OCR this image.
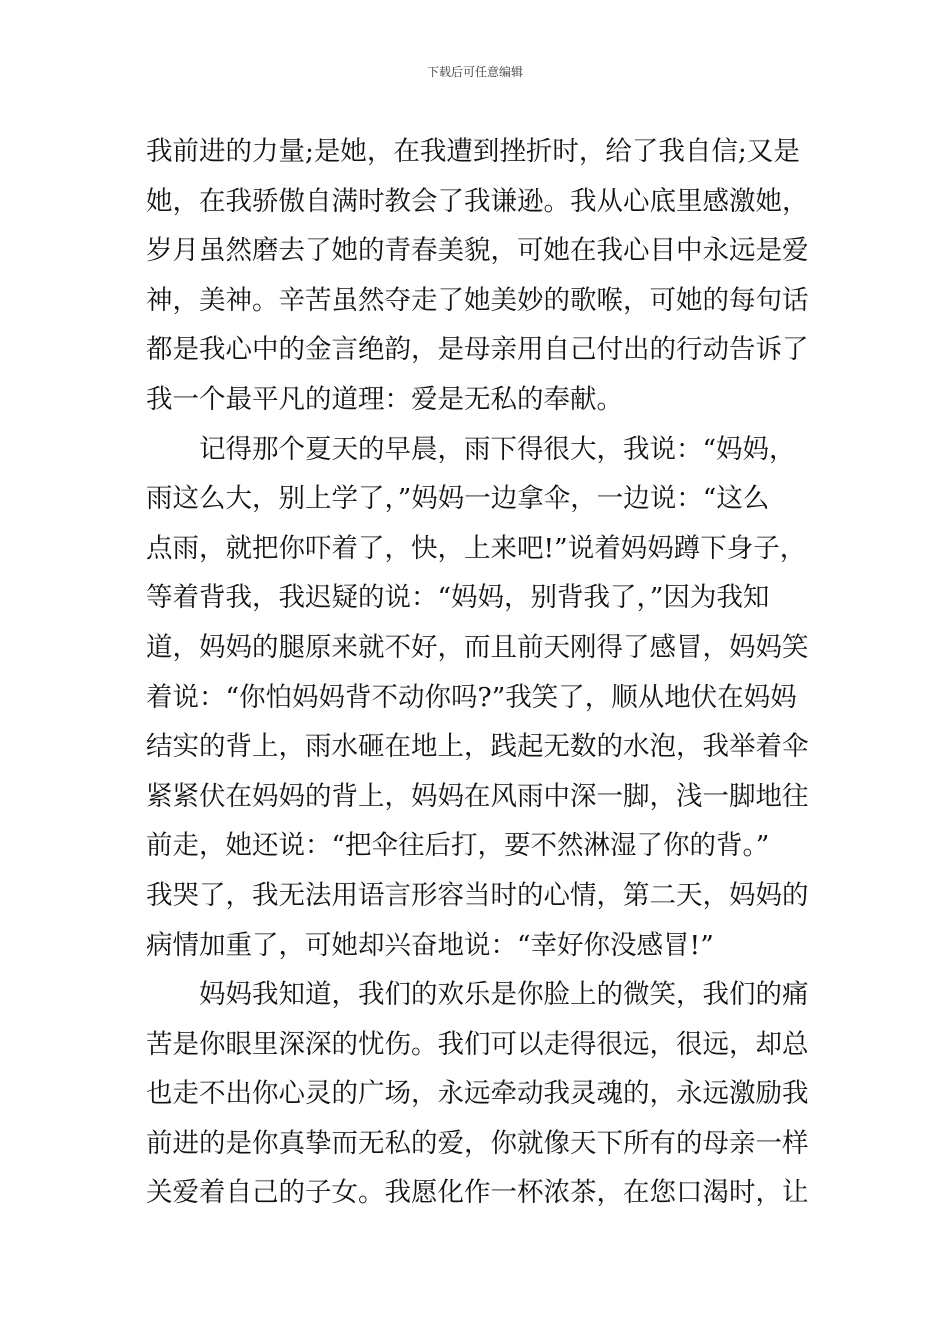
下载后可任意编辑
我前进的力量;是她，在我遭到挫折时，给了我自信;又是
她，在我骄傲自满时教会了我谦逊。我从心底里感激她，
岁月虽然磨去了她的青春美貌，可她在我心目中永远是爱
神，美神。辛苦虽然夺走了她美妙的歌喉，可她的每句话
都是我心中的金言绝韵，是母亲用自己付出的行动告诉了
我一个最平凡的道理：爱是无私的奉献。
　　记得那个夏天的早晨，雨下得很大，我说：“妈妈，
雨这么大，别上学了，”妈妈一边拿伞，一边说：“这么
点雨，就把你吓着了，快，上来吧!”说着妈妈蹲下身子，
等着背我，我迟疑的说：“妈妈，别背我了，”因为我知
道，妈妈的腿原来就不好，而且前天刚得了感冒，妈妈笑
着说：“你怕妈妈背不动你吗?”我笑了，顺从地伏在妈妈
结实的背上，雨水砸在地上，践起无数的水泡，我举着伞
紧紧伏在妈妈的背上，妈妈在风雨中深一脚，浅一脚地往
前走，她还说：“把伞往后打，要不然淋湿了你的背。”
我哭了，我无法用语言形容当时的心情，第二天，妈妈的
病情加重了，可她却兴奋地说：“幸好你没感冒!”
　　妈妈我知道，我们的欢乐是你脸上的微笑，我们的痛
苦是你眼里深深的忧伤。我们可以走得很远，很远，却总
也走不出你心灵的广场，永远牵动我灵魂的，永远激励我
前进的是你真挚而无私的爱，你就像天下所有的母亲一样
关爱着自己的子女。我愿化作一杯浓茶，在您口渴时，让
